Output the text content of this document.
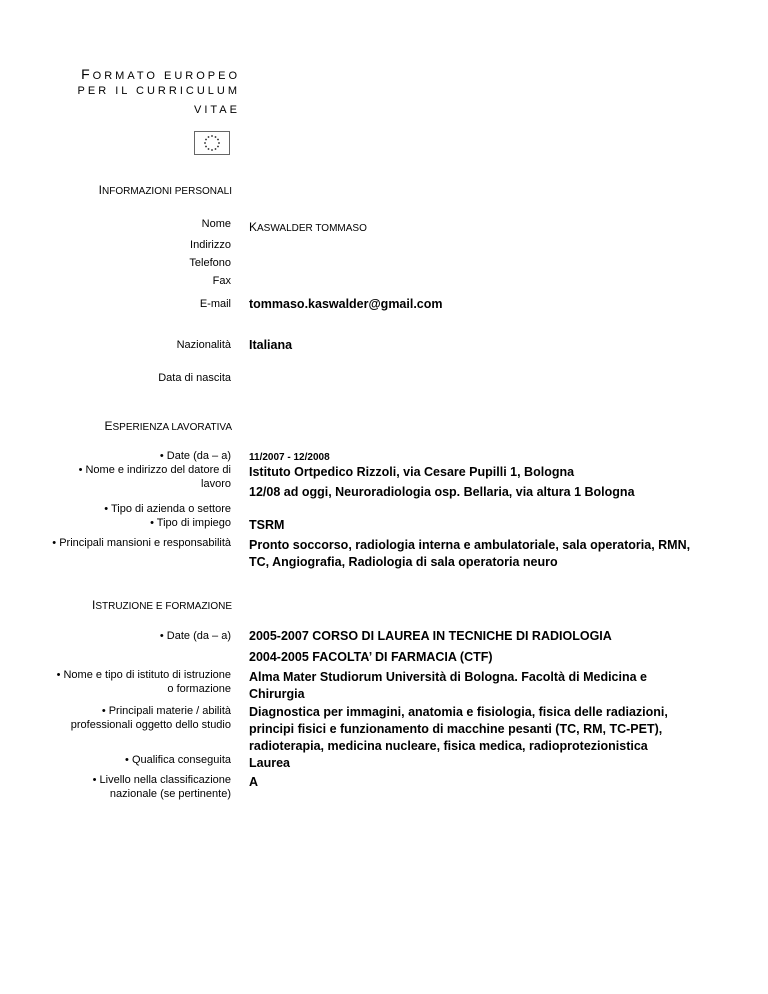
FORMATO EUROPEO
PER IL CURRICULUM
VITAE
INFORMAZIONI PERSONALI
Nome KASWALDER TOMMASO
Indirizzo
Telefono
Fax
E-mail tommaso.kaswalder@gmail.com
Nazionalità Italiana
Data di nascita
ESPERIENZA LAVORATIVA
• Date (da – a)
• Nome e indirizzo del datore di
lavoro
• Tipo di azienda o settore
• Tipo di impiego
• Principali mansioni e responsabilità
11/2007 - 12/2008
Istituto Ortpedico Rizzoli, via Cesare Pupilli 1, Bologna
12/08 ad oggi, Neuroradiologia osp. Bellaria, via altura 1 Bologna
TSRM
Pronto soccorso, radiologia interna e ambulatoriale, sala operatoria, RMN,
TC, Angiografia, Radiologia di sala operatoria neuro
ISTRUZIONE E FORMAZIONE
• Date (da – a)
• Nome e tipo di istituto di istruzione
o formazione
• Principali materie / abilità
professionali oggetto dello studio
• Qualifica conseguita
• Livello nella classificazione
nazionale (se pertinente)
2005-2007 CORSO DI LAUREA IN TECNICHE DI RADIOLOGIA
2004-2005 FACOLTA’ DI FARMACIA (CTF)
Alma Mater Studiorum Università di Bologna. Facoltà di Medicina e
Chirurgia
Diagnostica per immagini, anatomia e fisiologia, fisica delle radiazioni,
principi fisici e funzionamento di macchine pesanti (TC, RM, TC-PET),
radioterapia, medicina nucleare, fisica medica, radioprotezionistica
Laurea
A
